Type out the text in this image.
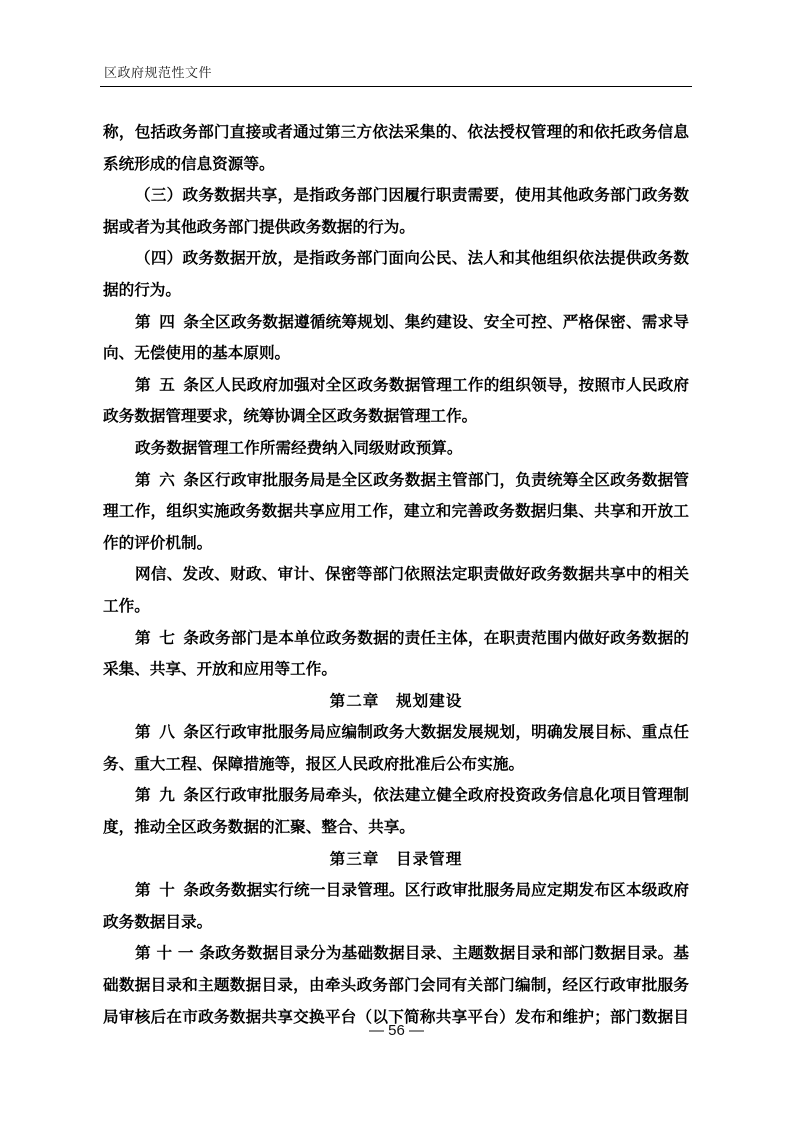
区政府规范性文件
称，包括政务部门直接或者通过第三方依法采集的、依法授权管理的和依托政务信息
系统形成的信息资源等。
（三）政务数据共享，是指政务部门因履行职责需要，使用其他政务部门政务数
据或者为其他政务部门提供政务数据的行为。
（四）政务数据开放，是指政务部门面向公民、法人和其他组织依法提供政务数
据的行为。
第四条全区政务数据遵循统筹规划、集约建设、安全可控、严格保密、需求导
向、无偿使用的基本原则。
第五条区人民政府加强对全区政务数据管理工作的组织领导，按照市人民政府
政务数据管理要求，统筹协调全区政务数据管理工作。
政务数据管理工作所需经费纳入同级财政预算。
第六条区行政审批服务局是全区政务数据主管部门，负责统筹全区政务数据管
理工作，组织实施政务数据共享应用工作，建立和完善政务数据归集、共享和开放工
作的评价机制。
网信、发改、财政、审计、保密等部门依照法定职责做好政务数据共享中的相关
工作。
第七条政务部门是本单位政务数据的责任主体，在职责范围内做好政务数据的
采集、共享、开放和应用等工作。
第二章　规划建设
第八条区行政审批服务局应编制政务大数据发展规划，明确发展目标、重点任
务、重大工程、保障措施等，报区人民政府批准后公布实施。
第九条区行政审批服务局牵头，依法建立健全政府投资政务信息化项目管理制
度，推动全区政务数据的汇聚、整合、共享。
第三章　目录管理
第十条政务数据实行统一目录管理。区行政审批服务局应定期发布区本级政府
政务数据目录。
第十一条政务数据目录分为基础数据目录、主题数据目录和部门数据目录。基
础数据目录和主题数据目录，由牵头政务部门会同有关部门编制，经区行政审批服务
局审核后在市政务数据共享交换平台（以下简称共享平台）发布和维护；部门数据目
— 56 —
